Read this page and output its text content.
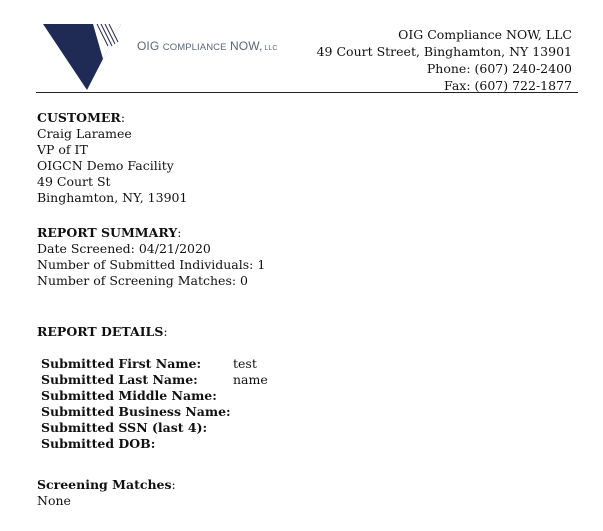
OIG COMPLIANCE NOW, LLC
OIG Compliance NOW, LLC
49 Court Street, Binghamton, NY 13901
Phone: (607) 240-2400
Fax: (607) 722-1877
CUSTOMER:
Craig Laramee
VP of IT
OIGCN Demo Facility
49 Court St
Binghamton, NY, 13901
REPORT SUMMARY:
Date Screened: 04/21/2020
Number of Submitted Individuals: 1
Number of Screening Matches: 0
REPORT DETAILS:
Submitted First Name:	test
Submitted Last Name:	name
Submitted Middle Name:
Submitted Business Name:
Submitted SSN (last 4):
Submitted DOB:
Screening Matches:
None
